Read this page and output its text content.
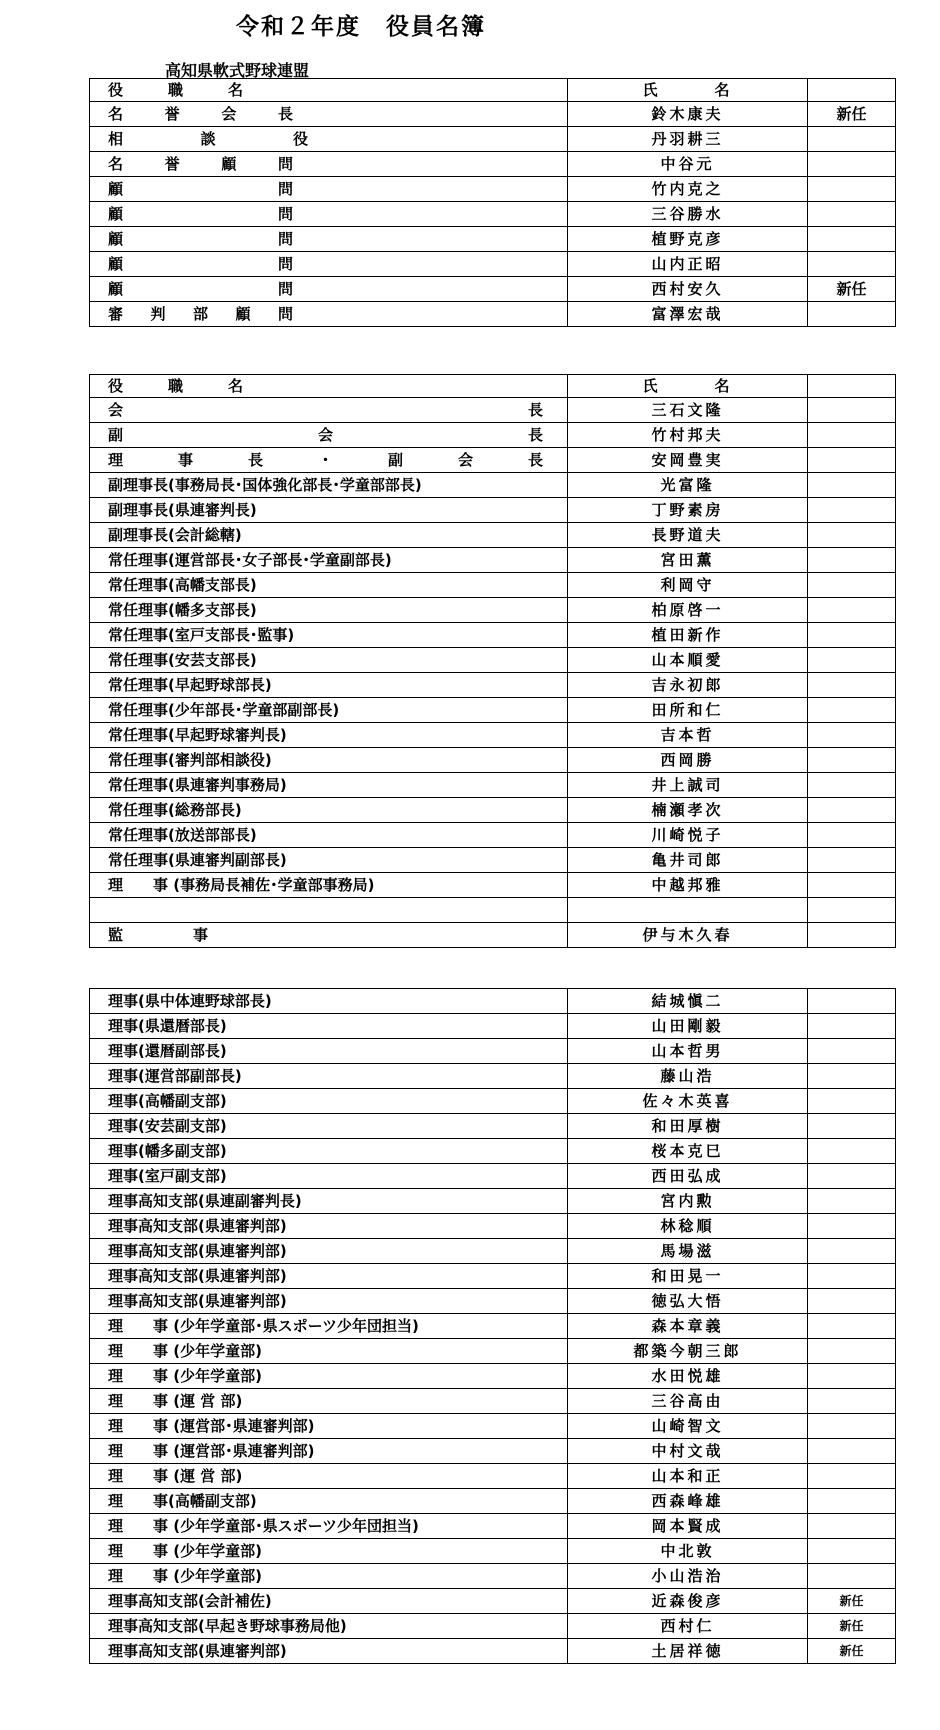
令和２年度　役員名簿
高知県軟式野球連盟
役　　　職　　　名	氏　　　名	

名誉会長	鈴木康夫	新任

相談役	丹羽耕三	

名誉顧問	中谷元	

顧問	竹内克之	

顧問	三谷勝水	

顧問	植野克彦	

顧問	山内正昭	

顧問	西村安久	新任

審判部顧問	富澤宏哉	
役　　　職　　　名	氏　　　名	
会長	三石文隆	
副会長	竹村邦夫	
理事長・副会長	安岡豊実	
副理事長(事務局長･国体強化部長･学童部部長)	光富隆	
副理事長(県連審判長)	丁野素房	
副理事長(会計総轄)	長野道夫	
常任理事(運営部長･女子部長･学童副部長)	宮田薫	
常任理事(高幡支部長)	利岡守	
常任理事(幡多支部長)	柏原啓一	
常任理事(室戸支部長･監事)	植田新作	
常任理事(安芸支部長)	山本順愛	
常任理事(早起野球部長)	吉永初郎	
常任理事(少年部長･学童部副部長)	田所和仁	
常任理事(早起野球審判長)	吉本哲	
常任理事(審判部相談役)	西岡勝	
常任理事(県連審判事務局)	井上誠司	
常任理事(総務部長)	楠瀬孝次	
常任理事(放送部部長)	川崎悦子	
常任理事(県連審判副部長)	亀井司郎	
理　　事 (事務局長補佐･学童部事務局)	中越邦雅	

監事	伊与木久春	
理事(県中体連野球部長)	結城愼二	
理事(県還暦部長)	山田剛毅	
理事(還暦副部長)	山本哲男	
理事(運営部副部長)	藤山浩	
理事(高幡副支部)	佐々木英喜	
理事(安芸副支部)	和田厚樹	
理事(幡多副支部)	桜本克巳	
理事(室戸副支部)	西田弘成	
理事高知支部(県連副審判長)	宮内勲	
理事高知支部(県連審判部)	林稔順	
理事高知支部(県連審判部)	馬場滋	
理事高知支部(県連審判部)	和田晃一	
理事高知支部(県連審判部)	徳弘大悟	
理　　事 (少年学童部･県スポーツ少年団担当)	森本章義	
理　　事 (少年学童部)	都築今朝三郎	
理　　事 (少年学童部)	水田悦雄	
理　　事 (運 営 部)	三谷高由	
理　　事 (運営部･県連審判部)	山崎智文	
理　　事 (運営部･県連審判部)	中村文哉	
理　　事 (運 営 部)	山本和正	
理　　事(高幡副支部)	西森峰雄	
理　　事 (少年学童部･県スポーツ少年団担当)	岡本賢成	
理　　事 (少年学童部)	中北敦	
理　　事 (少年学童部)	小山浩治	
理事高知支部(会計補佐)	近森俊彦	新任
理事高知支部(早起き野球事務局他)	西村仁	新任
理事高知支部(県連審判部)	土居祥徳	新任
